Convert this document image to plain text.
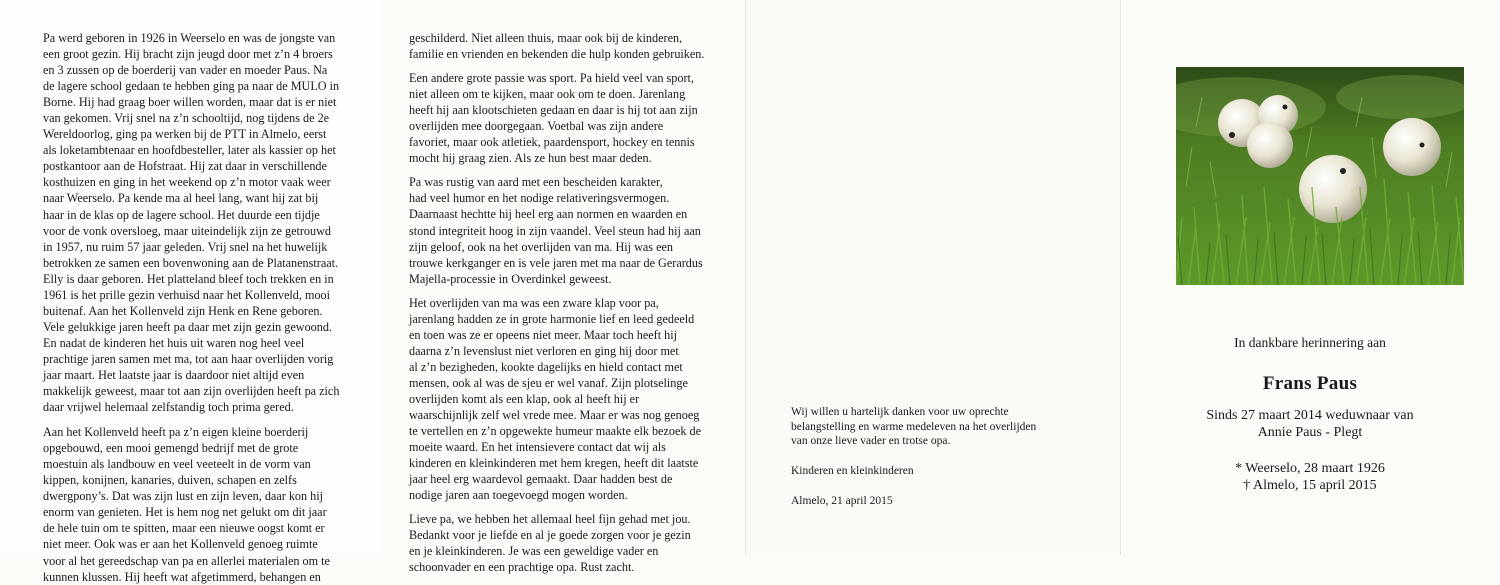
Pa werd geboren in 1926 in Weerselo en was de jongste van
een groot gezin. Hij bracht zijn jeugd door met z’n 4 broers
en 3 zussen op de boerderij van vader en moeder Paus. Na
de lagere school gedaan te hebben ging pa naar de MULO in
Borne. Hij had graag boer willen worden, maar dat is er niet
van gekomen. Vrij snel na z’n schooltijd, nog tijdens de 2e
Wereldoorlog, ging pa werken bij de PTT in Almelo, eerst
als loketambtenaar en hoofdbesteller, later als kassier op het
postkantoor aan de Hofstraat. Hij zat daar in verschillende
kosthuizen en ging in het weekend op z’n motor vaak weer
naar Weerselo. Pa kende ma al heel lang, want hij zat bij
haar in de klas op de lagere school. Het duurde een tijdje
voor de vonk oversloeg, maar uiteindelijk zijn ze getrouwd
in 1957, nu ruim 57 jaar geleden. Vrij snel na het huwelijk
betrokken ze samen een bovenwoning aan de Platanenstraat.
Elly is daar geboren. Het platteland bleef toch trekken en in
1961 is het prille gezin verhuisd naar het Kollenveld, mooi
buitenaf. Aan het Kollenveld zijn Henk en Rene geboren.
Vele gelukkige jaren heeft pa daar met zijn gezin gewoond.
En nadat de kinderen het huis uit waren nog heel veel
prachtige jaren samen met ma, tot aan haar overlijden vorig
jaar maart. Het laatste jaar is daardoor niet altijd even
makkelijk geweest, maar tot aan zijn overlijden heeft pa zich
daar vrijwel helemaal zelfstandig toch prima gered.

Aan het Kollenveld heeft pa z’n eigen kleine boerderij
opgebouwd, een mooi gemengd bedrijf met de grote
moestuin als landbouw en veel veeteelt in de vorm van
kippen, konijnen, kanaries, duiven, schapen en zelfs
dwergpony’s. Dat was zijn lust en zijn leven, daar kon hij
enorm van genieten. Het is hem nog net gelukt om dit jaar
de hele tuin om te spitten, maar een nieuwe oogst komt er
niet meer. Ook was er aan het Kollenveld genoeg ruimte
voor al het gereedschap van pa en allerlei materialen om te
kunnen klussen. Hij heeft wat afgetimmerd, behangen en

geschilderd. Niet alleen thuis, maar ook bij de kinderen,
familie en vrienden en bekenden die hulp konden gebruiken.

Een andere grote passie was sport. Pa hield veel van sport,
niet alleen om te kijken, maar ook om te doen. Jarenlang
heeft hij aan klootschieten gedaan en daar is hij tot aan zijn
overlijden mee doorgegaan. Voetbal was zijn andere
favoriet, maar ook atletiek, paardensport, hockey en tennis
mocht hij graag zien. Als ze hun best maar deden.

Pa was rustig van aard met een bescheiden karakter,
had veel humor en het nodige relativeringsvermogen.
Daarnaast hechtte hij heel erg aan normen en waarden en
stond integriteit hoog in zijn vaandel. Veel steun had hij aan
zijn geloof, ook na het overlijden van ma. Hij was een
trouwe kerkganger en is vele jaren met ma naar de Gerardus
Majella-processie in Overdinkel geweest.

Het overlijden van ma was een zware klap voor pa,
jarenlang hadden ze in grote harmonie lief en leed gedeeld
en toen was ze er opeens niet meer. Maar toch heeft hij
daarna z’n levenslust niet verloren en ging hij door met
al z’n bezigheden, kookte dagelijks en hield contact met
mensen, ook al was de sjeu er wel vanaf. Zijn plotselinge
overlijden komt als een klap, ook al heeft hij er
waarschijnlijk zelf wel vrede mee. Maar er was nog genoeg
te vertellen en z’n opgewekte humeur maakte elk bezoek de
moeite waard. En het intensievere contact dat wij als
kinderen en kleinkinderen met hem kregen, heeft dit laatste
jaar heel erg waardevol gemaakt. Daar hadden best de
nodige jaren aan toegevoegd mogen worden.

Lieve pa, we hebben het allemaal heel fijn gehad met jou.
Bedankt voor je liefde en al je goede zorgen voor je gezin
en je kleinkinderen. Je was een geweldige vader en
schoonvader en een prachtige opa. Rust zacht.

Wij willen u hartelijk danken voor uw oprechte
belangstelling en warme medeleven na het overlijden
van onze lieve vader en trotse opa.

Kinderen en kleinkinderen

Almelo, 21 april 2015

In dankbare herinnering aan
Frans Paus
Sinds 27 maart 2014 weduwnaar van
Annie Paus - Plegt
* Weerselo, 28 maart 1926
† Almelo, 15 april 2015
